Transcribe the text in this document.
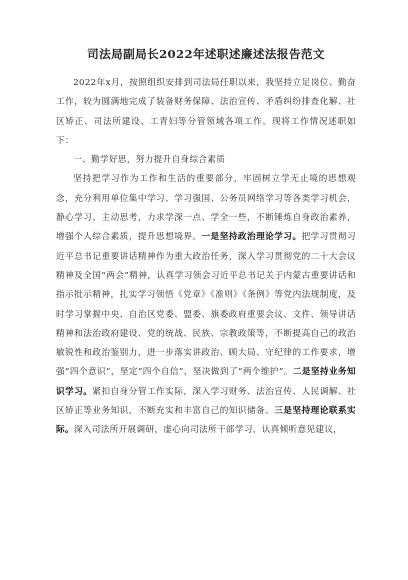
司法局副局长2022年述职述廉述法报告范文

2022年x月，按照组织安排到司法局任职以来，我坚持立足岗位、勤奋工作，较为圆满地完成了装备财务保障、法治宣传、矛盾纠纷排查化解、社区矫正、司法所建设、工青妇等分管领域各项工作。现将工作情况述职如下：

一、勤学好思，努力提升自身综合素质

坚持把学习作为工作和生活的重要部分，牢固树立学无止境的思想观念，充分利用单位集中学习、学习强国、公务员网络学习等各类学习机会，静心学习、主动思考，力求学深一点、学全一些，不断锤炼自身政治素养，增强个人综合素质，提升思想境界。一是坚持政治理论学习。把学习贯彻习近平总书记重要讲话精神作为重大政治任务，深入学习贯彻党的二十大会议精神及全国“两会”精神，认真学习领会习近平总书记关于内蒙古重要讲话和指示批示精神，扎实学习领悟《党章》《准则》《条例》等党内法规制度，及时学习掌握中央、自治区党委、盟委、旗委政府重要会议、文件、领导讲话精神和法治政府建设、党的统战、民族、宗教政策等，不断提高自己的政治敏锐性和政治鉴别力，进一步落实讲政治、顾大局、守纪律的工作要求，增强“四个意识”，坚定“四个自信”，坚决做到了“两个维护”。二是坚持业务知识学习。紧扣自身分管工作实际，深入学习财务、法治宣传、人民调解、社区矫正等业务知识，不断充实和丰富自己的知识储备。三是坚持理论联系实际。深入司法所开展调研，虚心向司法所干部学习，认真倾听意见建议，
